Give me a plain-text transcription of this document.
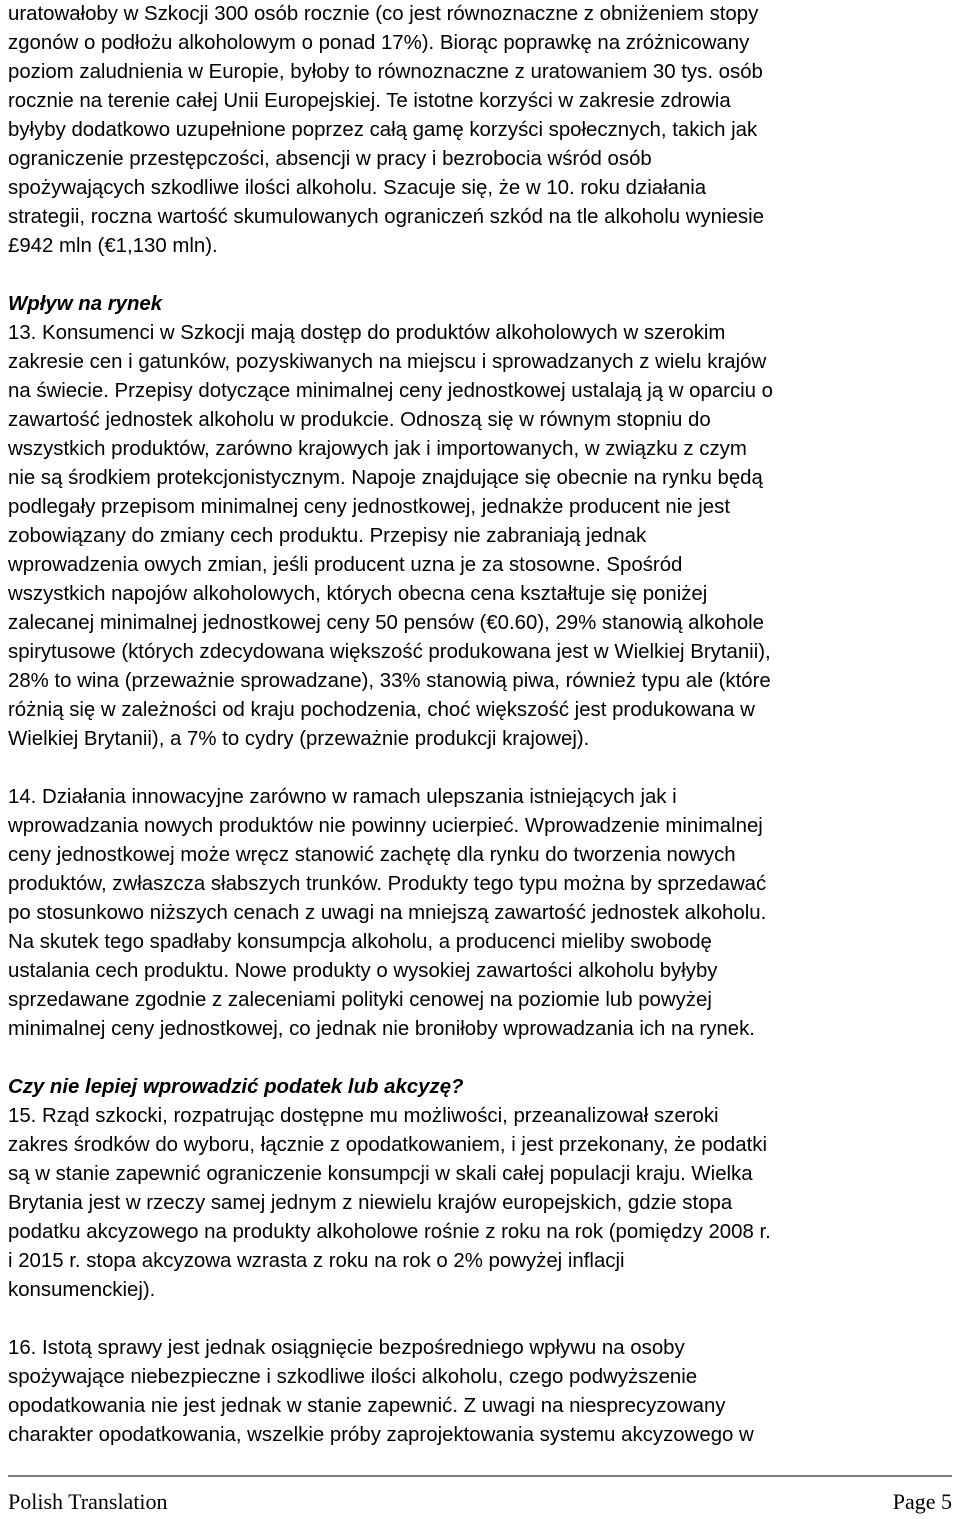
uratowałoby w Szkocji 300 osób rocznie (co jest równoznaczne z obniżeniem stopy

zgonów o podłożu alkoholowym o ponad 17%). Biorąc poprawkę na zróżnicowany

poziom zaludnienia w Europie, byłoby to równoznaczne z uratowaniem 30 tys. osób

rocznie na terenie całej Unii Europejskiej. Te istotne korzyści w zakresie zdrowia

byłyby dodatkowo uzupełnione poprzez całą gamę korzyści społecznych, takich jak

ograniczenie przestępczości, absencji w pracy i bezrobocia wśród osób

spożywających szkodliwe ilości alkoholu. Szacuje się, że w 10. roku działania

strategii, roczna wartość skumulowanych ograniczeń szkód na tle alkoholu wyniesie

£942 mln (€1,130 mln).

Wpływ na rynek

13. Konsumenci w Szkocji mają dostęp do produktów alkoholowych w szerokim

zakresie cen i gatunków, pozyskiwanych na miejscu i sprowadzanych z wielu krajów

na świecie. Przepisy dotyczące minimalnej ceny jednostkowej ustalają ją w oparciu o

zawartość jednostek alkoholu w produkcie. Odnoszą się w równym stopniu do

wszystkich produktów, zarówno krajowych jak i importowanych, w związku z czym

nie są środkiem protekcjonistycznym. Napoje znajdujące się obecnie na rynku będą

podlegały przepisom minimalnej ceny jednostkowej, jednakże producent nie jest

zobowiązany do zmiany cech produktu. Przepisy nie zabraniają jednak

wprowadzenia owych zmian, jeśli producent uzna je za stosowne. Spośród

wszystkich napojów alkoholowych, których obecna cena kształtuje się poniżej

zalecanej minimalnej jednostkowej ceny 50 pensów (€0.60), 29% stanowią alkohole

spirytusowe (których zdecydowana większość produkowana jest w Wielkiej Brytanii),

28% to wina (przeważnie sprowadzane), 33% stanowią piwa, również typu ale (które

różnią się w zależności od kraju pochodzenia, choć większość jest produkowana w

Wielkiej Brytanii), a 7% to cydry (przeważnie produkcji krajowej).

14. Działania innowacyjne zarówno w ramach ulepszania istniejących jak i

wprowadzania nowych produktów nie powinny ucierpieć. Wprowadzenie minimalnej

ceny jednostkowej może wręcz stanowić zachętę dla rynku do tworzenia nowych

produktów, zwłaszcza słabszych trunków. Produkty tego typu można by sprzedawać

po stosunkowo niższych cenach z uwagi na mniejszą zawartość jednostek alkoholu.

Na skutek tego spadłaby konsumpcja alkoholu, a producenci mieliby swobodę

ustalania cech produktu. Nowe produkty o wysokiej zawartości alkoholu byłyby

sprzedawane zgodnie z zaleceniami polityki cenowej na poziomie lub powyżej

minimalnej ceny jednostkowej, co jednak nie broniłoby wprowadzania ich na rynek.

Czy nie lepiej wprowadzić podatek lub akcyzę?

15. Rząd szkocki, rozpatrując dostępne mu możliwości, przeanalizował szeroki

zakres środków do wyboru, łącznie z opodatkowaniem, i jest przekonany, że podatki

są w stanie zapewnić ograniczenie konsumpcji w skali całej populacji kraju. Wielka

Brytania jest w rzeczy samej jednym z niewielu krajów europejskich, gdzie stopa

podatku akcyzowego na produkty alkoholowe rośnie z roku na rok (pomiędzy 2008 r.

i 2015 r. stopa akcyzowa wzrasta z roku na rok o 2% powyżej inflacji

konsumenckiej).

16. Istotą sprawy jest jednak osiągnięcie bezpośredniego wpływu na osoby

spożywające niebezpieczne i szkodliwe ilości alkoholu, czego podwyższenie

opodatkowania nie jest jednak w stanie zapewnić. Z uwagi na niesprecyzowany

charakter opodatkowania, wszelkie próby zaprojektowania systemu akcyzowego w

Polish Translation	Page 5
